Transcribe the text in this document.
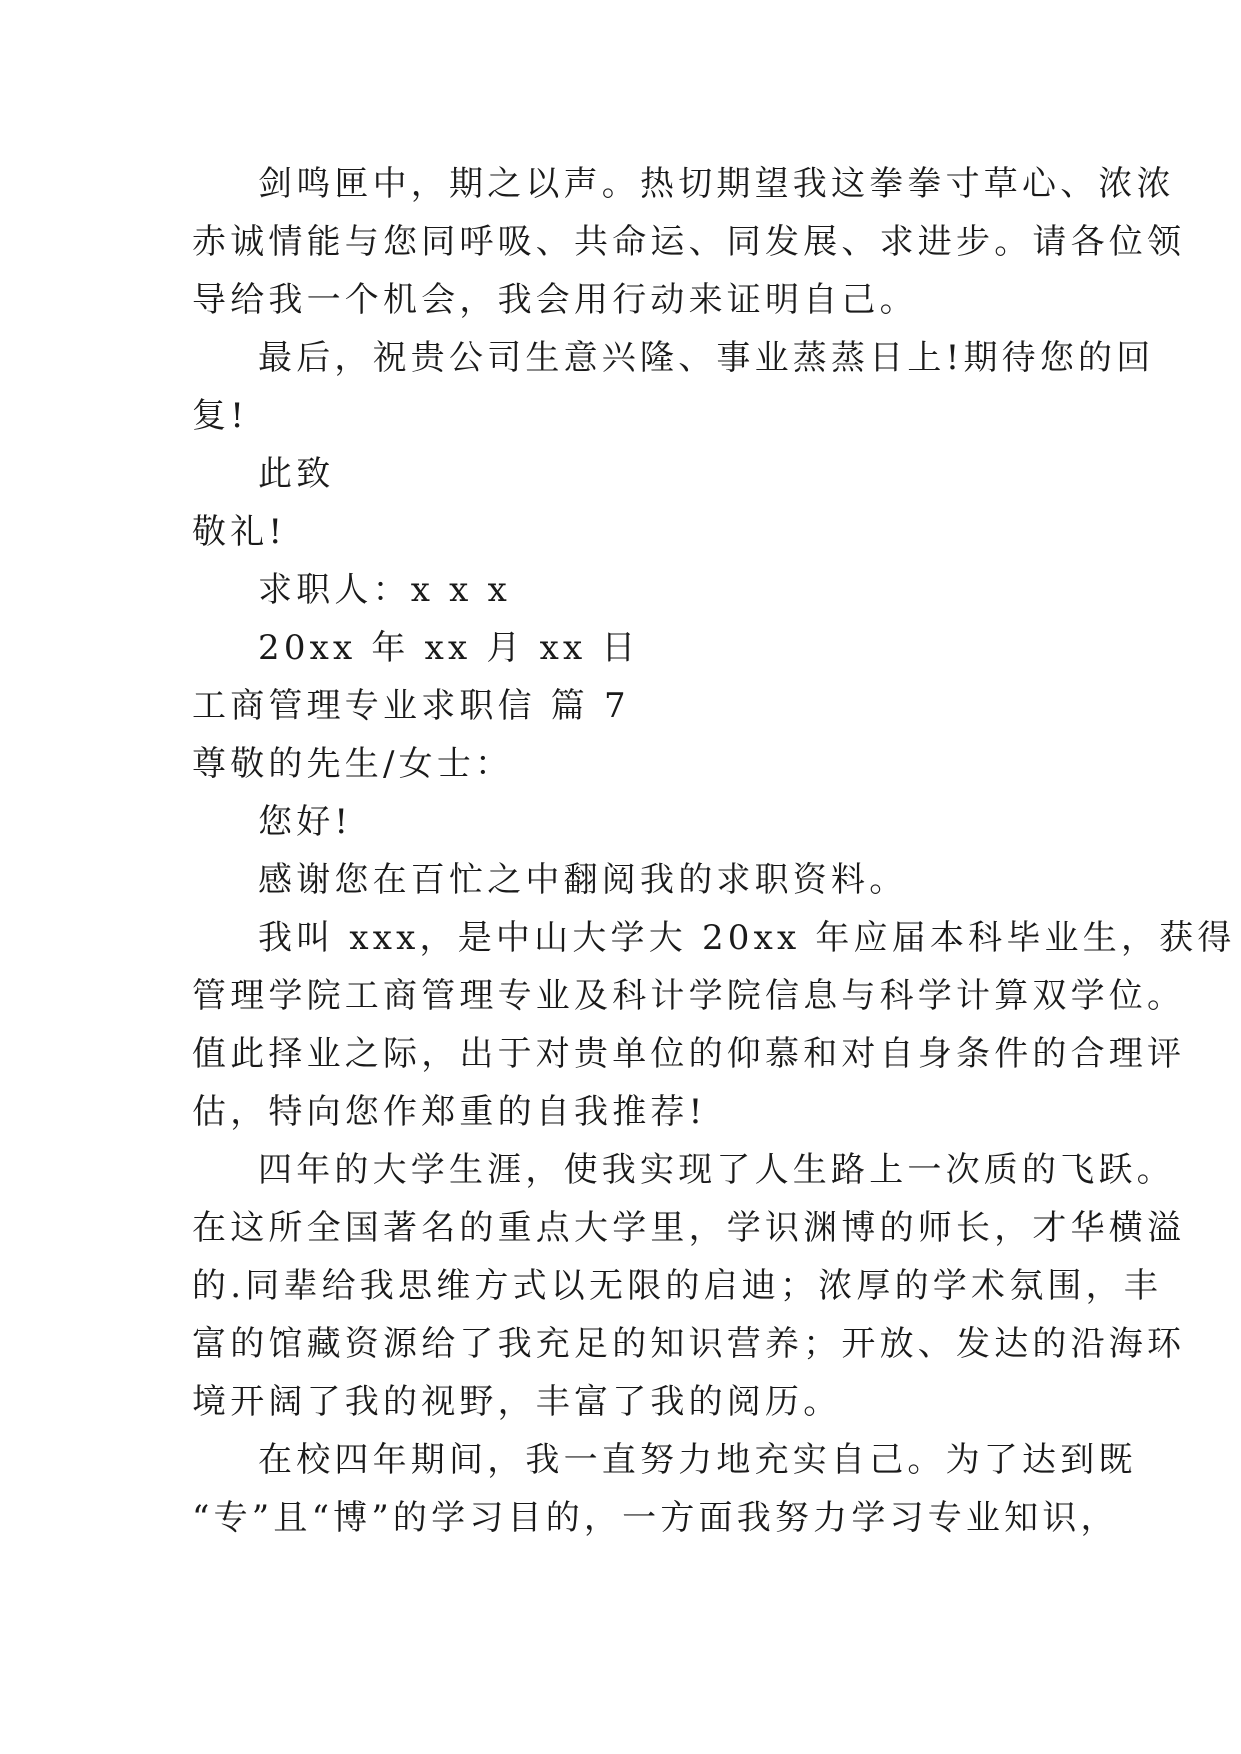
剑鸣匣中，期之以声。热切期望我这拳拳寸草心、浓浓
赤诚情能与您同呼吸、共命运、同发展、求进步。请各位领
导给我一个机会，我会用行动来证明自己。
最后，祝贵公司生意兴隆、事业蒸蒸日上!期待您的回
复!
此致
敬礼!
求职人：x x x
20xx 年 xx 月 xx 日
工商管理专业求职信 篇 7
尊敬的先生/女士：
您好!
感谢您在百忙之中翻阅我的求职资料。
我叫 xxx，是中山大学大 20xx 年应届本科毕业生，获得
管理学院工商管理专业及科计学院信息与科学计算双学位。
值此择业之际，出于对贵单位的仰慕和对自身条件的合理评
估，特向您作郑重的自我推荐!
四年的大学生涯，使我实现了人生路上一次质的飞跃。
在这所全国著名的重点大学里，学识渊博的师长，才华横溢
的.同辈给我思维方式以无限的启迪；浓厚的学术氛围，丰
富的馆藏资源给了我充足的知识营养；开放、发达的沿海环
境开阔了我的视野，丰富了我的阅历。
在校四年期间，我一直努力地充实自己。为了达到既
“专”且“博”的学习目的，一方面我努力学习专业知识，
